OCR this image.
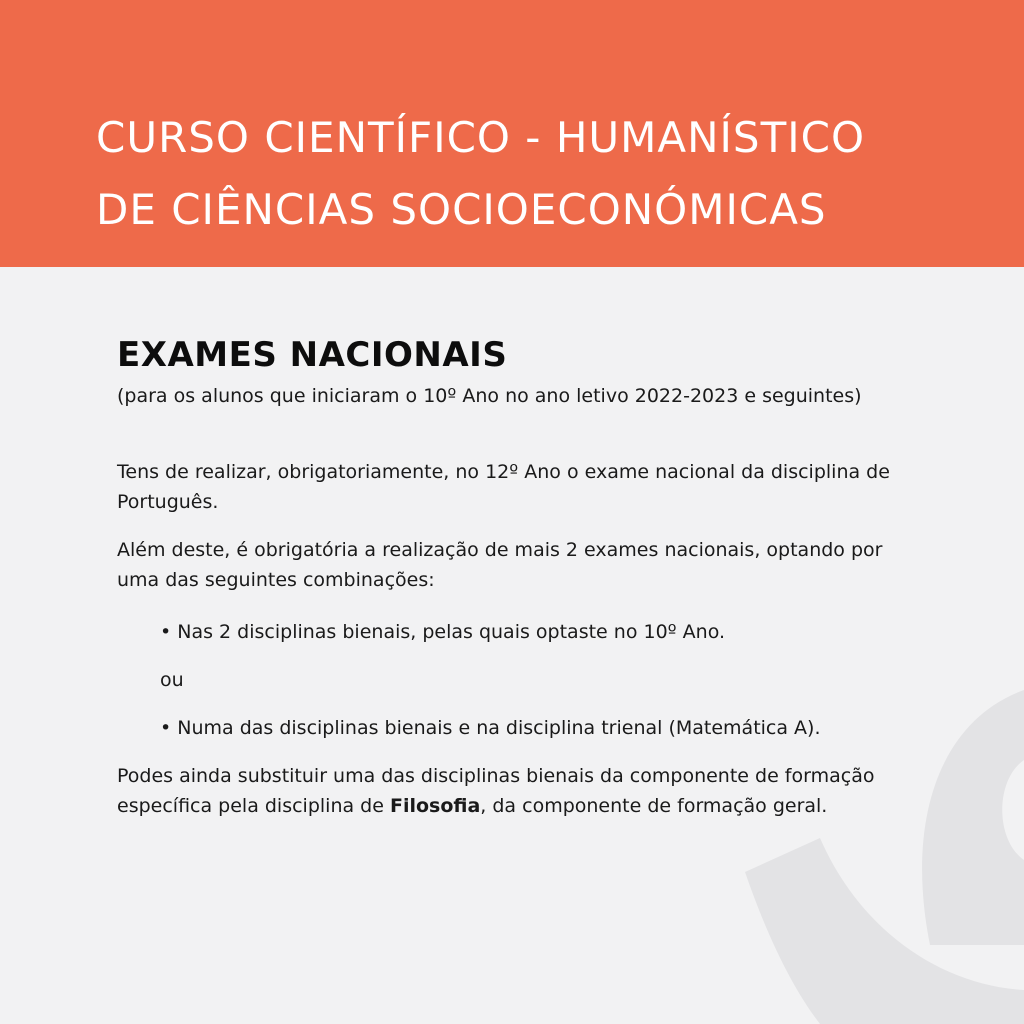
CURSO CIENTÍFICO - HUMANÍSTICO
DE CIÊNCIAS SOCIOECONÓMICAS
EXAMES NACIONAIS
(para os alunos que iniciaram o 10º Ano no ano letivo 2022-2023 e seguintes)

Tens de realizar, obrigatoriamente, no 12º Ano o exame nacional da disciplina de Português.

Além deste, é obrigatória a realização de mais 2 exames nacionais, optando por uma das seguintes combinações:

• Nas 2 disciplinas bienais, pelas quais optaste no 10º Ano.
ou
• Numa das disciplinas bienais e na disciplina trienal (Matemática A).

Podes ainda substituir uma das disciplinas bienais da componente de formação específica pela disciplina de Filosofia, da componente de formação geral.
